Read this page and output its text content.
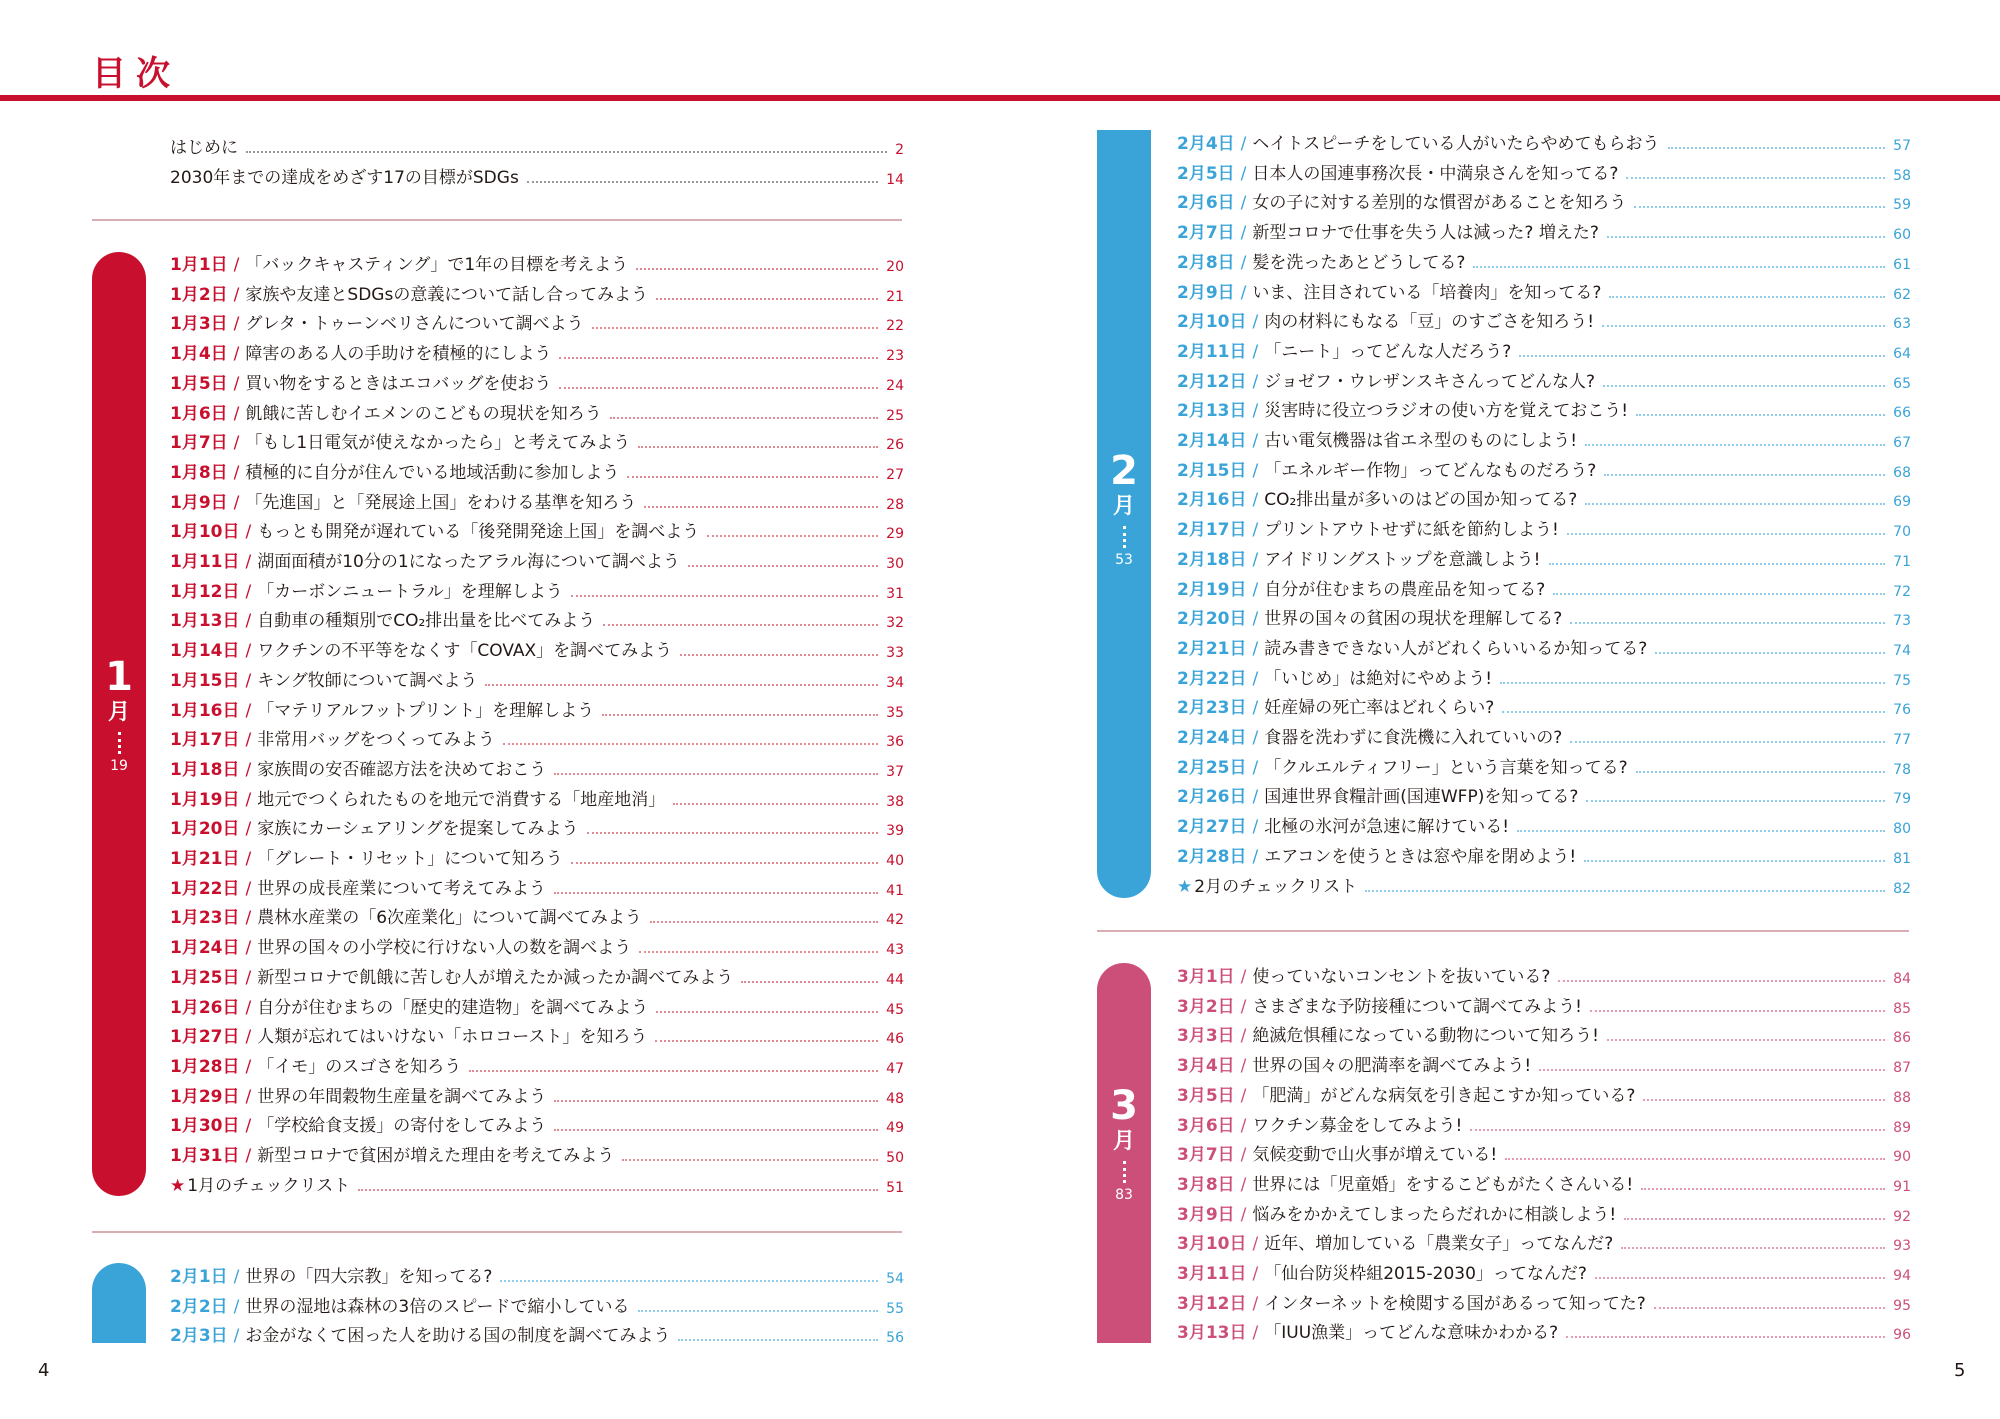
目次
はじめに	2
2030年までの達成をめざす17の目標がSDGs	14
1
月
19
1月1日 / 「バックキャスティング」で1年の目標を考えよう	20
1月2日 / 家族や友達とSDGsの意義について話し合ってみよう	21
1月3日 / グレタ・トゥーンベリさんについて調べよう	22
1月4日 / 障害のある人の手助けを積極的にしよう	23
1月5日 / 買い物をするときはエコバッグを使おう	24
1月6日 / 飢餓に苦しむイエメンのこどもの現状を知ろう	25
1月7日 / 「もし1日電気が使えなかったら」と考えてみよう	26
1月8日 / 積極的に自分が住んでいる地域活動に参加しよう	27
1月9日 / 「先進国」と「発展途上国」をわける基準を知ろう	28
1月10日 / もっとも開発が遅れている「後発開発途上国」を調べよう	29
1月11日 / 湖面面積が10分の1になったアラル海について調べよう	30
1月12日 / 「カーボンニュートラル」を理解しよう	31
1月13日 / 自動車の種類別でCO₂排出量を比べてみよう	32
1月14日 / ワクチンの不平等をなくす「COVAX」を調べてみよう	33
1月15日 / キング牧師について調べよう	34
1月16日 / 「マテリアルフットプリント」を理解しよう	35
1月17日 / 非常用バッグをつくってみよう	36
1月18日 / 家族間の安否確認方法を決めておこう	37
1月19日 / 地元でつくられたものを地元で消費する「地産地消」	38
1月20日 / 家族にカーシェアリングを提案してみよう	39
1月21日 / 「グレート・リセット」について知ろう	40
1月22日 / 世界の成長産業について考えてみよう	41
1月23日 / 農林水産業の「6次産業化」について調べてみよう	42
1月24日 / 世界の国々の小学校に行けない人の数を調べよう	43
1月25日 / 新型コロナで飢餓に苦しむ人が増えたか減ったか調べてみよう	44
1月26日 / 自分が住むまちの「歴史的建造物」を調べてみよう	45
1月27日 / 人類が忘れてはいけない「ホロコースト」を知ろう	46
1月28日 / 「イモ」のスゴさを知ろう	47
1月29日 / 世界の年間穀物生産量を調べてみよう	48
1月30日 / 「学校給食支援」の寄付をしてみよう	49
1月31日 / 新型コロナで貧困が増えた理由を考えてみよう	50
★ 1月のチェックリスト	51
2月1日 / 世界の「四大宗教」を知ってる?	54
2月2日 / 世界の湿地は森林の3倍のスピードで縮小している	55
2月3日 / お金がなくて困った人を助ける国の制度を調べてみよう	56
2
月
53
2月4日 / ヘイトスピーチをしている人がいたらやめてもらおう	57
2月5日 / 日本人の国連事務次長・中満泉さんを知ってる?	58
2月6日 / 女の子に対する差別的な慣習があることを知ろう	59
2月7日 / 新型コロナで仕事を失う人は減った? 増えた?	60
2月8日 / 髪を洗ったあとどうしてる?	61
2月9日 / いま、注目されている「培養肉」を知ってる?	62
2月10日 / 肉の材料にもなる「豆」のすごさを知ろう!	63
2月11日 / 「ニート」ってどんな人だろう?	64
2月12日 / ジョゼフ・ウレザンスキさんってどんな人?	65
2月13日 / 災害時に役立つラジオの使い方を覚えておこう!	66
2月14日 / 古い電気機器は省エネ型のものにしよう!	67
2月15日 / 「エネルギー作物」ってどんなものだろう?	68
2月16日 / CO₂排出量が多いのはどの国か知ってる?	69
2月17日 / プリントアウトせずに紙を節約しよう!	70
2月18日 / アイドリングストップを意識しよう!	71
2月19日 / 自分が住むまちの農産品を知ってる?	72
2月20日 / 世界の国々の貧困の現状を理解してる?	73
2月21日 / 読み書きできない人がどれくらいいるか知ってる?	74
2月22日 / 「いじめ」は絶対にやめよう!	75
2月23日 / 妊産婦の死亡率はどれくらい?	76
2月24日 / 食器を洗わずに食洗機に入れていいの?	77
2月25日 / 「クルエルティフリー」という言葉を知ってる?	78
2月26日 / 国連世界食糧計画(国連WFP)を知ってる?	79
2月27日 / 北極の氷河が急速に解けている!	80
2月28日 / エアコンを使うときは窓や扉を閉めよう!	81
★ 2月のチェックリスト	82
3
月
83
3月1日 / 使っていないコンセントを抜いている?	84
3月2日 / さまざまな予防接種について調べてみよう!	85
3月3日 / 絶滅危惧種になっている動物について知ろう!	86
3月4日 / 世界の国々の肥満率を調べてみよう!	87
3月5日 / 「肥満」がどんな病気を引き起こすか知っている?	88
3月6日 / ワクチン募金をしてみよう!	89
3月7日 / 気候変動で山火事が増えている!	90
3月8日 / 世界には「児童婚」をするこどもがたくさんいる!	91
3月9日 / 悩みをかかえてしまったらだれかに相談しよう!	92
3月10日 / 近年、増加している「農業女子」ってなんだ?	93
3月11日 / 「仙台防災枠組2015-2030」ってなんだ?	94
3月12日 / インターネットを検閲する国があるって知ってた?	95
3月13日 / 「IUU漁業」ってどんな意味かわかる?	96
4	5
